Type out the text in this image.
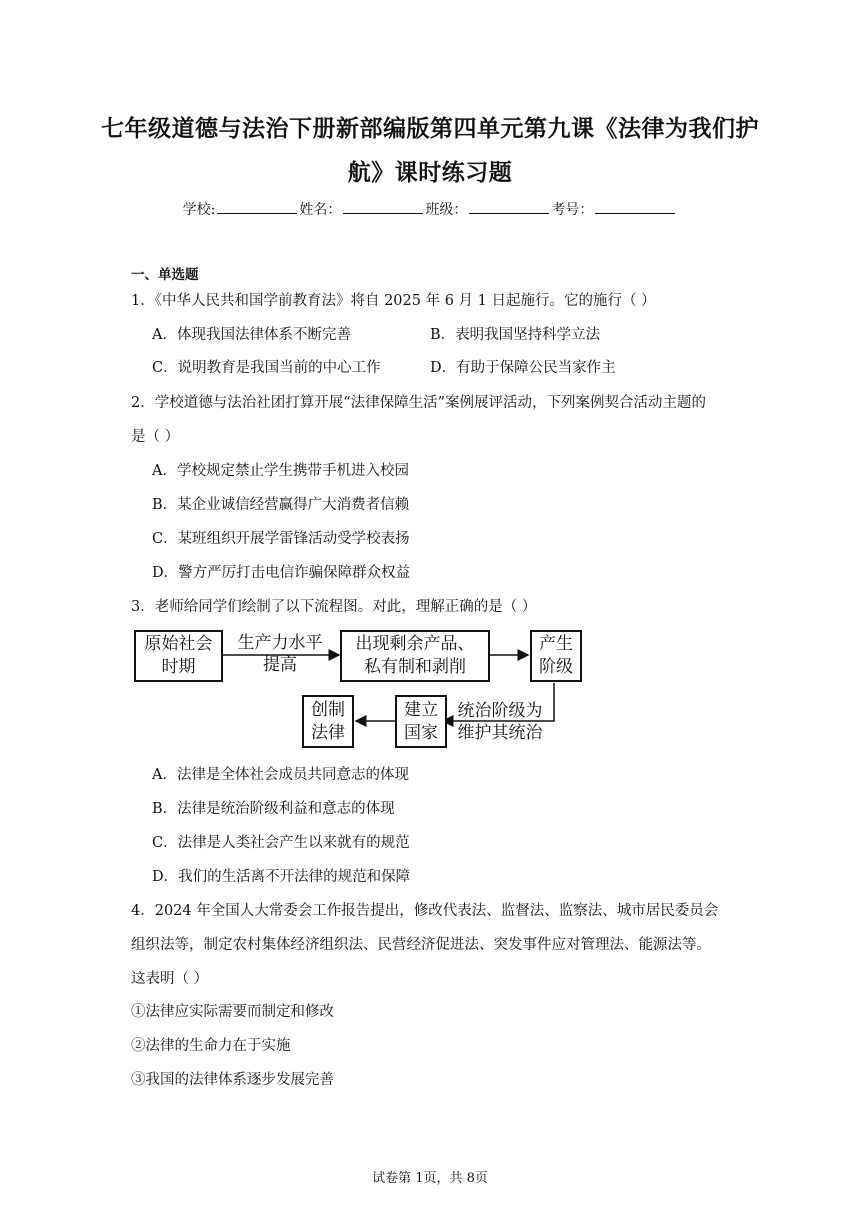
七年级道德与法治下册新部编版第四单元第九课《法律为我们护
航》课时练习题
学校:	姓名：	班级：	考号：
一、单选题
1．《中华人民共和国学前教育法》将自 2025 年 6 月 1 日起施行。它的施行（ ）
A．体现我国法律体系不断完善	B．表明我国坚持科学立法
C．说明教育是我国当前的中心工作	D．有助于保障公民当家作主
2．学校道德与法治社团打算开展“法律保障生活”案例展评活动，下列案例契合活动主题的
是（ ）
A．学校规定禁止学生携带手机进入校园
B．某企业诚信经营赢得广大消费者信赖
C．某班组织开展学雷锋活动受学校表扬
D．警方严厉打击电信诈骗保障群众权益
3．老师给同学们绘制了以下流程图。对此，理解正确的是（ ）
原始社会
时期
生产力水平
提高
出现剩余产品、
私有制和剥削
产生
阶级
统治阶级为
维护其统治
建立
国家
创制
法律
A．法律是全体社会成员共同意志的体现
B．法律是统治阶级利益和意志的体现
C．法律是人类社会产生以来就有的规范
D．我们的生活离不开法律的规范和保障
4．2024 年全国人大常委会工作报告提出，修改代表法、监督法、监察法、城市居民委员会
组织法等，制定农村集体经济组织法、民营经济促进法、突发事件应对管理法、能源法等。
这表明（ ）
①法律应实际需要而制定和修改
②法律的生命力在于实施
③我国的法律体系逐步发展完善
试卷第 1页，共 8页
